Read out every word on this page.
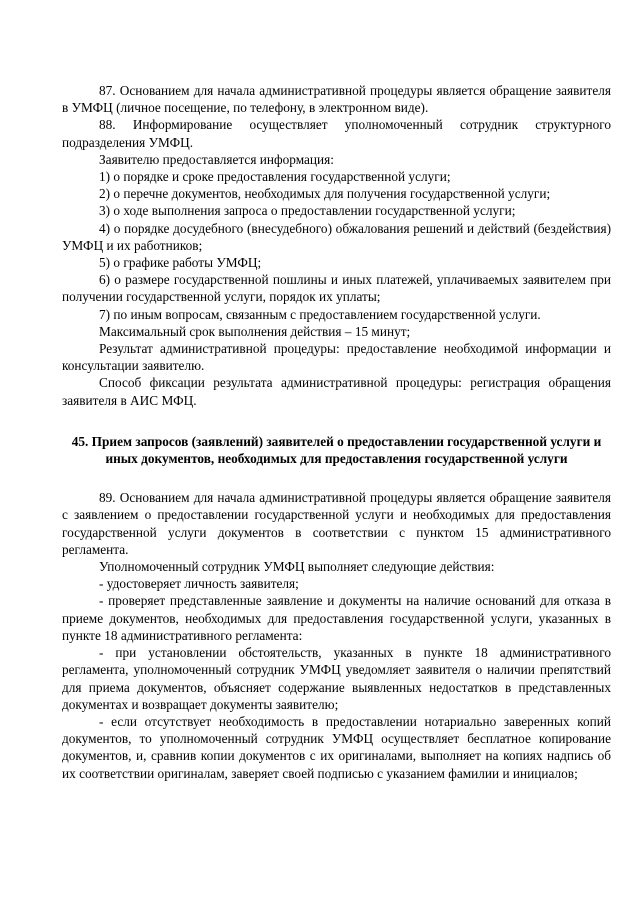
87. Основанием для начала административной процедуры является обращение заявителя в УМФЦ (личное посещение, по телефону, в электронном виде).

88. Информирование осуществляет уполномоченный сотрудник структурного подразделения УМФЦ.

Заявителю предоставляется информация:

1) о порядке и сроке предоставления государственной услуги;

2) о перечне документов, необходимых для получения государственной услуги;

3) о ходе выполнения запроса о предоставлении государственной услуги;

4) о порядке досудебного (внесудебного) обжалования решений и действий (бездействия) УМФЦ и их работников;

5) о графике работы УМФЦ;

6) о размере государственной пошлины и иных платежей, уплачиваемых заявителем при получении государственной услуги, порядок их уплаты;

7) по иным вопросам, связанным с предоставлением государственной услуги.

Максимальный срок выполнения действия – 15 минут;

Результат административной процедуры: предоставление необходимой информации и консультации заявителю.

Способ фиксации результата административной процедуры: регистрация обращения заявителя в АИС МФЦ.

45. Прием запросов (заявлений) заявителей о предоставлении государственной услуги и иных документов, необходимых для предоставления государственной услуги

89. Основанием для начала административной процедуры является обращение заявителя с заявлением о предоставлении государственной услуги и необходимых для предоставления государственной услуги документов в соответствии с пунктом 15 административного регламента.

Уполномоченный сотрудник УМФЦ выполняет следующие действия:

- удостоверяет личность заявителя;

- проверяет представленные заявление и документы на наличие оснований для отказа в приеме документов, необходимых для предоставления государственной услуги, указанных в пункте 18 административного регламента:

- при установлении обстоятельств, указанных в пункте 18 административного регламента, уполномоченный сотрудник УМФЦ уведомляет заявителя о наличии препятствий для приема документов, объясняет содержание выявленных недостатков в представленных документах и возвращает документы заявителю;

- если отсутствует необходимость в предоставлении нотариально заверенных копий документов, то уполномоченный сотрудник УМФЦ осуществляет бесплатное копирование документов, и, сравнив копии документов с их оригиналами, выполняет на копиях надпись об их соответствии оригиналам, заверяет своей подписью с указанием фамилии и инициалов;
